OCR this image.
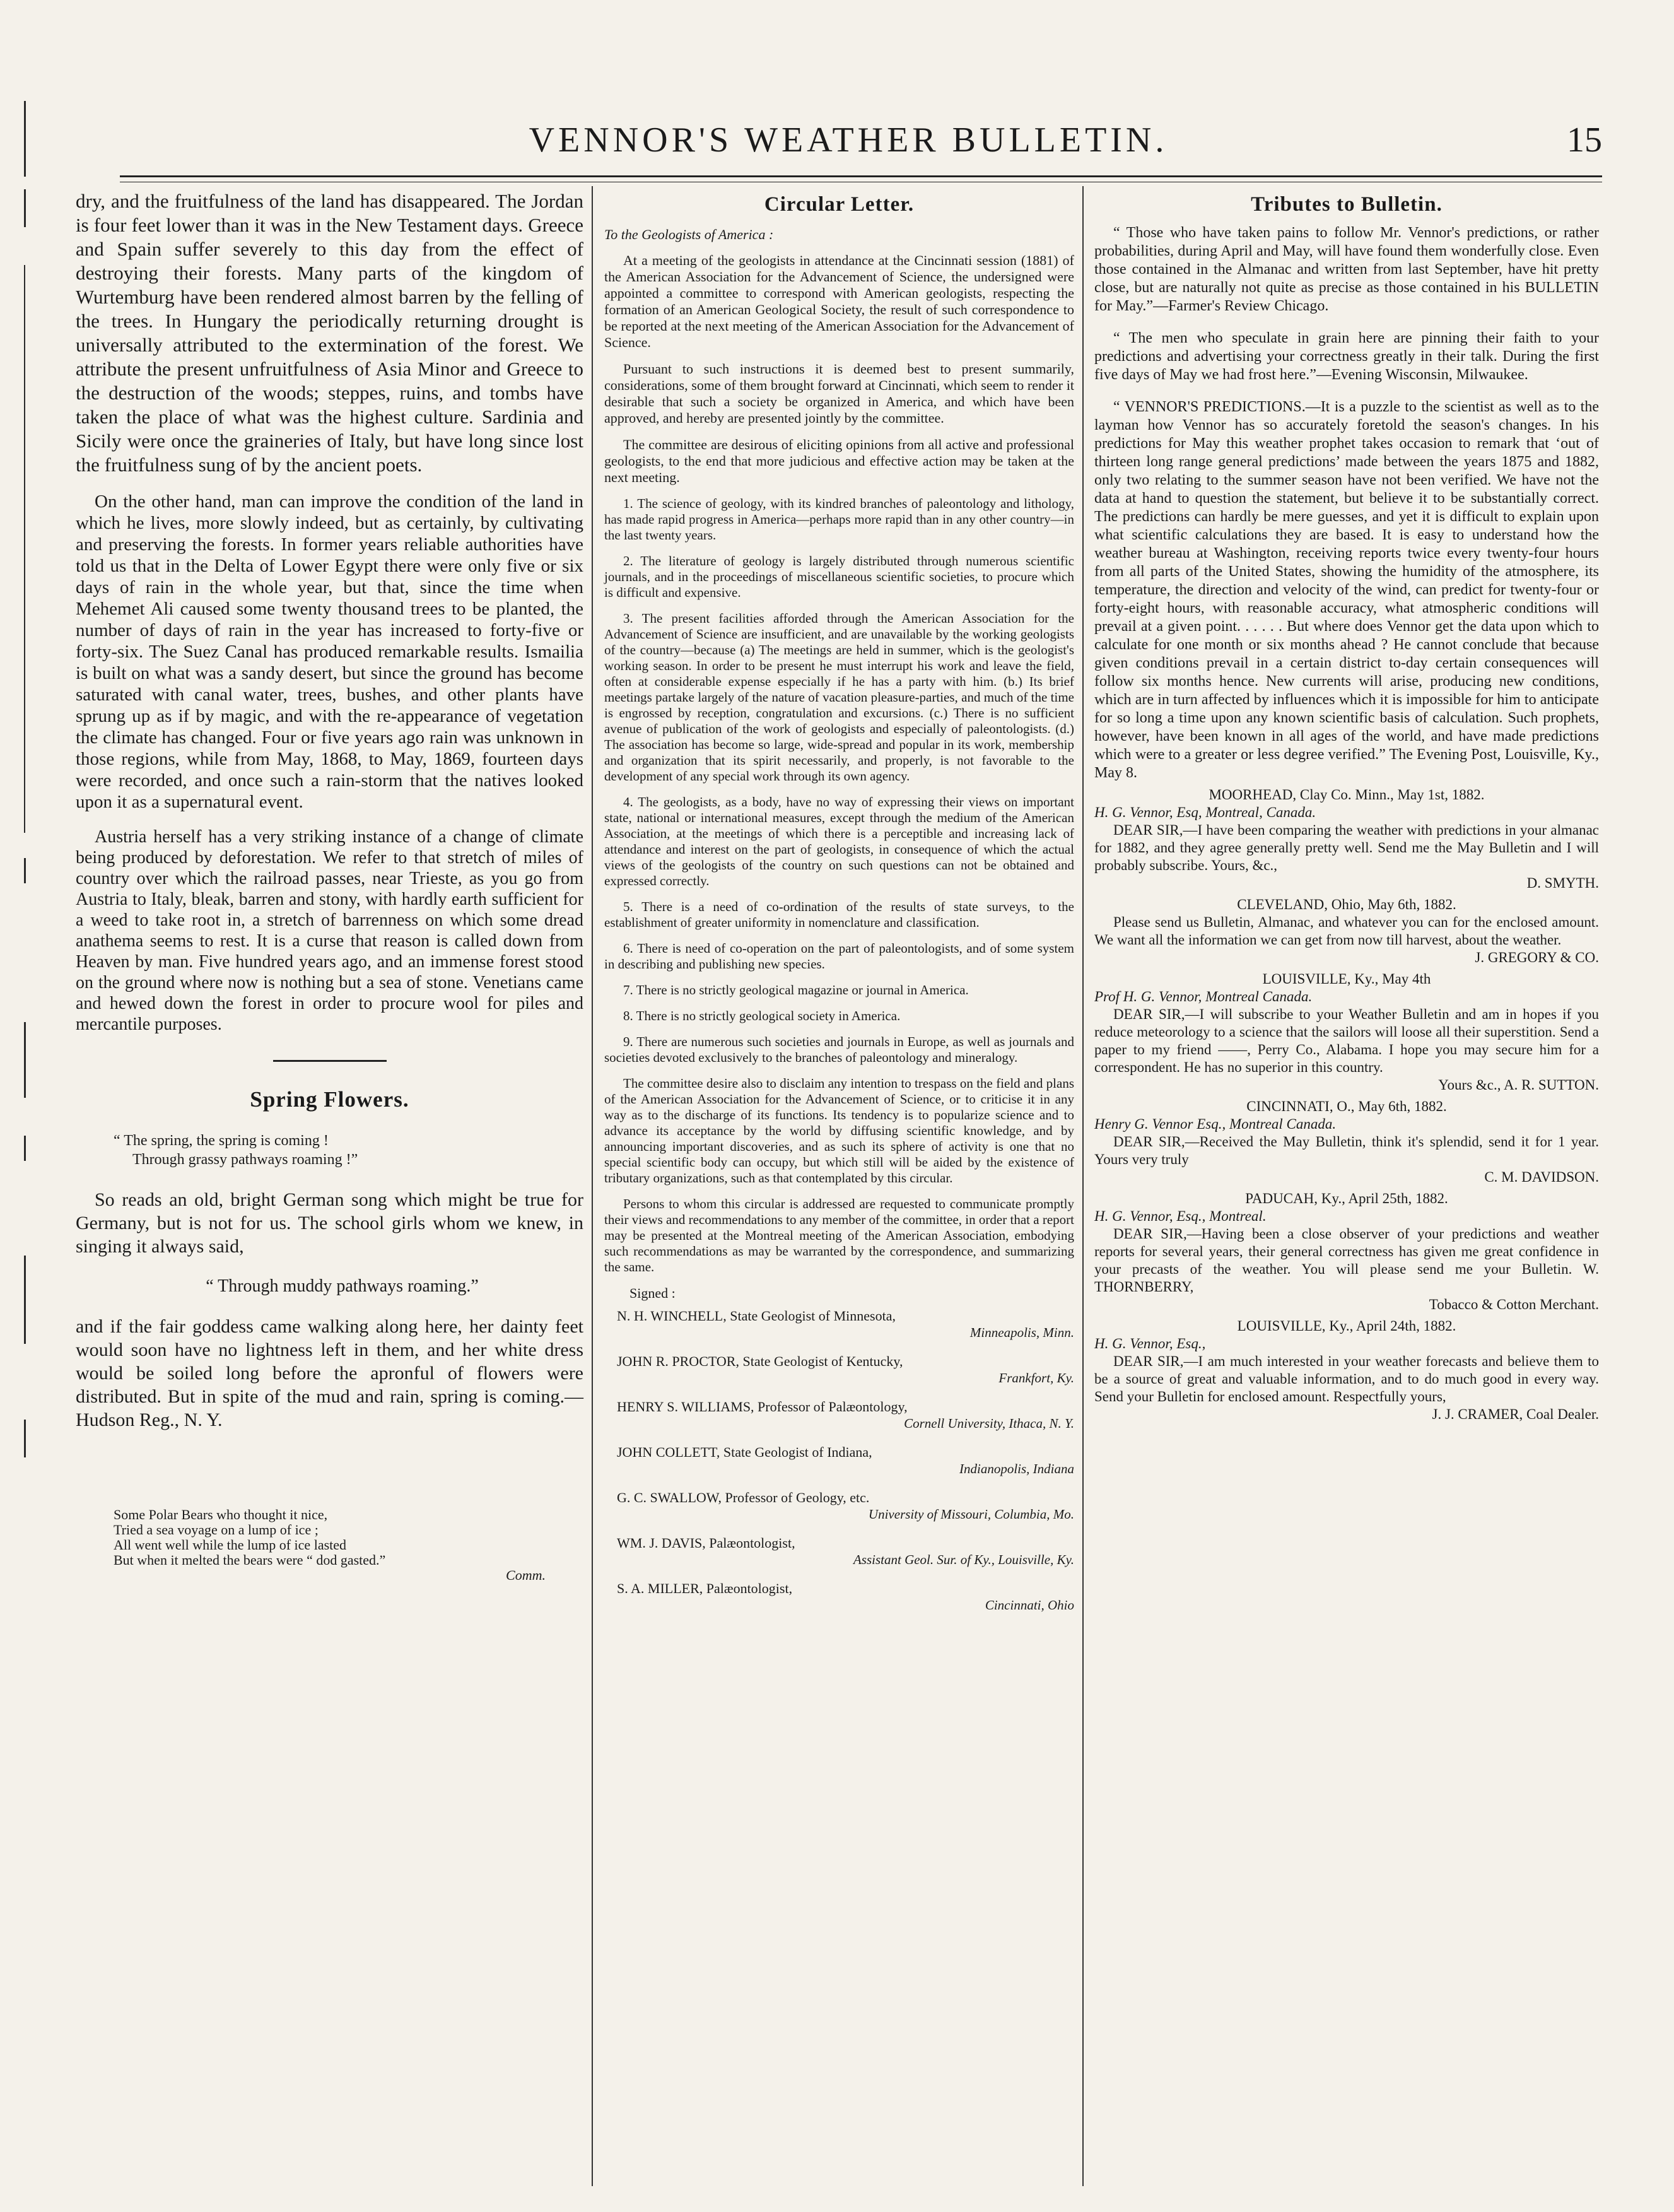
VENNOR'S WEATHER BULLETIN.	15

dry, and the fruitfulness of the land has disappeared. The Jordan is four feet lower than it was in the New Testament days. Greece and Spain suffer severely to this day from the effect of destroying their forests. Many parts of the kingdom of Wurtemburg have been rendered almost barren by the felling of the trees. In Hungary the periodically returning drought is universally attributed to the extermination of the forest. We attribute the present unfruitfulness of Asia Minor and Greece to the destruction of the woods; steppes, ruins, and tombs have taken the place of what was the highest culture. Sardinia and Sicily were once the graineries of Italy, but have long since lost the fruitfulness sung of by the ancient poets.

On the other hand, man can improve the condition of the land in which he lives, more slowly indeed, but as certainly, by cultivating and preserving the forests. In former years reliable authorities have told us that in the Delta of Lower Egypt there were only five or six days of rain in the whole year, but that, since the time when Mehemet Ali caused some twenty thousand trees to be planted, the number of days of rain in the year has increased to forty-five or forty-six. The Suez Canal has produced remarkable results. Ismailia is built on what was a sandy desert, but since the ground has become saturated with canal water, trees, bushes, and other plants have sprung up as if by magic, and with the re-appearance of vegetation the climate has changed. Four or five years ago rain was unknown in those regions, while from May, 1868, to May, 1869, fourteen days were recorded, and once such a rain-storm that the natives looked upon it as a supernatural event.

Austria herself has a very striking instance of a change of climate being produced by deforestation. We refer to that stretch of miles of country over which the railroad passes, near Trieste, as you go from Austria to Italy, bleak, barren and stony, with hardly earth sufficient for a weed to take root in, a stretch of barrenness on which some dread anathema seems to rest. It is a curse that reason is called down from Heaven by man. Five hundred years ago, and an immense forest stood on the ground where now is nothing but a sea of stone. Venetians came and hewed down the forest in order to procure wool for piles and mercantile purposes.

Spring Flowers.
“ The spring, the spring is coming !
Through grassy pathways roaming !”

So reads an old, bright German song which might be true for Germany, but is not for us. The school girls whom we knew, in singing it always said,

“ Through muddy pathways roaming.”

and if the fair goddess came walking along here, her dainty feet would soon have no lightness left in them, and her white dress would be soiled long before the apronful of flowers were distributed. But in spite of the mud and rain, spring is coming.—Hudson Reg., N. Y.

Some Polar Bears who thought it nice,
Tried a sea voyage on a lump of ice ;
All went well while the lump of ice lasted
But when it melted the bears were “ dod gasted.”
Comm.
Circular Letter.

To the Geologists of America :

At a meeting of the geologists in attendance at the Cincinnati session (1881) of the American Association for the Advancement of Science, the undersigned were appointed a committee to correspond with American geologists, respecting the formation of an American Geological Society, the result of such correspondence to be reported at the next meeting of the American Association for the Advancement of Science.

Pursuant to such instructions it is deemed best to present summarily, considerations, some of them brought forward at Cincinnati, which seem to render it desirable that such a society be organized in America, and which have been approved, and hereby are presented jointly by the committee.

The committee are desirous of eliciting opinions from all active and professional geologists, to the end that more judicious and effective action may be taken at the next meeting.

1. The science of geology, with its kindred branches of paleontology and lithology, has made rapid progress in America—perhaps more rapid than in any other country—in the last twenty years.

2. The literature of geology is largely distributed through numerous scientific journals, and in the proceedings of miscellaneous scientific societies, to procure which is difficult and expensive.

3. The present facilities afforded through the American Association for the Advancement of Science are insufficient, and are unavailable by the working geologists of the country—because (a) The meetings are held in summer, which is the geologist's working season. In order to be present he must interrupt his work and leave the field, often at considerable expense especially if he has a party with him. (b.) Its brief meetings partake largely of the nature of vacation pleasure-parties, and much of the time is engrossed by reception, congratulation and excursions. (c.) There is no sufficient avenue of publication of the work of geologists and especially of paleontologists. (d.) The association has become so large, wide-spread and popular in its work, membership and organization that its spirit necessarily, and properly, is not favorable to the development of any special work through its own agency.

4. The geologists, as a body, have no way of expressing their views on important state, national or international measures, except through the medium of the American Association, at the meetings of which there is a perceptible and increasing lack of attendance and interest on the part of geologists, in consequence of which the actual views of the geologists of the country on such questions can not be obtained and expressed correctly.

5. There is a need of co-ordination of the results of state surveys, to the establishment of greater uniformity in nomenclature and classification.

6. There is need of co-operation on the part of paleontologists, and of some system in describing and publishing new species.

7. There is no strictly geological magazine or journal in America.

8. There is no strictly geological society in America.

9. There are numerous such societies and journals in Europe, as well as journals and societies devoted exclusively to the branches of paleontology and mineralogy.

The committee desire also to disclaim any intention to trespass on the field and plans of the American Association for the Advancement of Science, or to criticise it in any way as to the discharge of its functions. Its tendency is to popularize science and to advance its acceptance by the world by diffusing scientific knowledge, and by announcing important discoveries, and as such its sphere of activity is one that no special scientific body can occupy, but which still will be aided by the existence of tributary organizations, such as that contemplated by this circular.

Persons to whom this circular is addressed are requested to communicate promptly their views and recommendations to any member of the committee, in order that a report may be presented at the Montreal meeting of the American Association, embodying such recommendations as may be warranted by the correspondence, and summarizing the same.

Signed :

N. H. WINCHELL, State Geologist of Minnesota,
Minneapolis, Minn.
JOHN R. PROCTOR, State Geologist of Kentucky,
Frankfort, Ky.
HENRY S. WILLIAMS, Professor of Palæontology,
Cornell University, Ithaca, N. Y.
JOHN COLLETT, State Geologist of Indiana,
Indianopolis, Indiana
G. C. SWALLOW, Professor of Geology, etc.
University of Missouri, Columbia, Mo.
WM. J. DAVIS, Palæontologist,
Assistant Geol. Sur. of Ky., Louisville, Ky.
S. A. MILLER, Palæontologist,
Cincinnati, Ohio
Tributes to Bulletin.

“ Those who have taken pains to follow Mr. Vennor's predictions, or rather probabilities, during April and May, will have found them wonderfully close. Even those contained in the Almanac and written from last September, have hit pretty close, but are naturally not quite as precise as those contained in his BULLETIN for May.”—Farmer's Review Chicago.

“ The men who speculate in grain here are pinning their faith to your predictions and advertising your correctness greatly in their talk. During the first five days of May we had frost here.”—Evening Wisconsin, Milwaukee.

“ VENNOR'S PREDICTIONS.—It is a puzzle to the scientist as well as to the layman how Vennor has so accurately foretold the season's changes. In his predictions for May this weather prophet takes occasion to remark that ‘out of thirteen long range general predictions’ made between the years 1875 and 1882, only two relating to the summer season have not been verified. We have not the data at hand to question the statement, but believe it to be substantially correct. The predictions can hardly be mere guesses, and yet it is difficult to explain upon what scientific calculations they are based. It is easy to understand how the weather bureau at Washington, receiving reports twice every twenty-four hours from all parts of the United States, showing the humidity of the atmosphere, its temperature, the direction and velocity of the wind, can predict for twenty-four or forty-eight hours, with reasonable accuracy, what atmospheric conditions will prevail at a given point. . . . . . But where does Vennor get the data upon which to calculate for one month or six months ahead ? He cannot conclude that because given conditions prevail in a certain district to-day certain consequences will follow six months hence. New currents will arise, producing new conditions, which are in turn affected by influences which it is impossible for him to anticipate for so long a time upon any known scientific basis of calculation. Such prophets, however, have been known in all ages of the world, and have made predictions which were to a greater or less degree verified.” The Evening Post, Louisville, Ky., May 8.

MOORHEAD, Clay Co. Minn., May 1st, 1882.
H. G. Vennor, Esq, Montreal, Canada.
DEAR SIR,—I have been comparing the weather with predictions in your almanac for 1882, and they agree generally pretty well. Send me the May Bulletin and I will probably subscribe. Yours, &c.,
D. SMYTH.
CLEVELAND, Ohio, May 6th, 1882.
Please send us Bulletin, Almanac, and whatever you can for the enclosed amount. We want all the information we can get from now till harvest, about the weather.
J. GREGORY & CO.
LOUISVILLE, Ky., May 4th
Prof H. G. Vennor, Montreal Canada.
DEAR SIR,—I will subscribe to your Weather Bulletin and am in hopes if you reduce meteorology to a science that the sailors will loose all their superstition. Send a paper to my friend ——, Perry Co., Alabama. I hope you may secure him for a correspondent. He has no superior in this country.
Yours &c., A. R. SUTTON.
CINCINNATI, O., May 6th, 1882.
Henry G. Vennor Esq., Montreal Canada.
DEAR SIR,—Received the May Bulletin, think it's splendid, send it for 1 year. Yours very truly
C. M. DAVIDSON.
PADUCAH, Ky., April 25th, 1882.
H. G. Vennor, Esq., Montreal.
DEAR SIR,—Having been a close observer of your predictions and weather reports for several years, their general correctness has given me great confidence in your precasts of the weather. You will please send me your Bulletin. W. THORNBERRY,
Tobacco & Cotton Merchant.
LOUISVILLE, Ky., April 24th, 1882.
H. G. Vennor, Esq.,
DEAR SIR,—I am much interested in your weather forecasts and believe them to be a source of great and valuable information, and to do much good in every way. Send your Bulletin for enclosed amount. Respectfully yours,
J. J. CRAMER, Coal Dealer.
